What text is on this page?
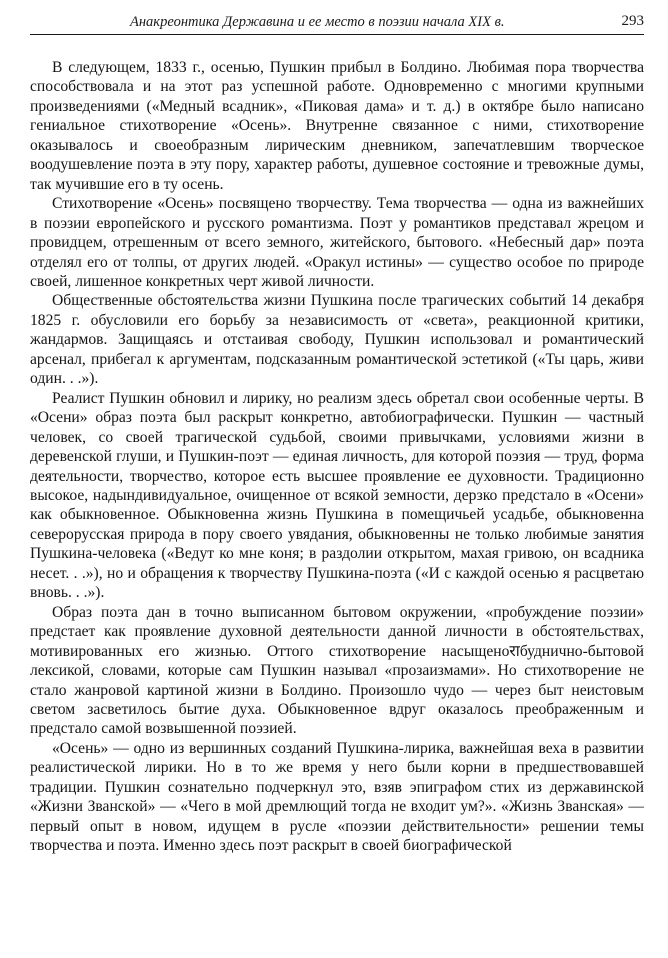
Анакреонтика Державина и ее место в поэзии начала XIX в.	293

В следующем, 1833 г., осенью, Пушкин прибыл в Болдино. Любимая пора творчества способствовала и на этот раз успешной работе. Одновременно с многими крупными произведениями («Медный всадник», «Пиковая дама» и т. д.) в октябре было написано гениальное стихотворение «Осень». Внутренне связанное с ними, стихотворение оказывалось и своеобразным лирическим дневником, запечатлевшим творческое воодушевление поэта в эту пору, характер работы, душевное состояние и тревожные думы, так мучившие его в ту осень.

Стихотворение «Осень» посвящено творчеству. Тема творчества — одна из важнейших в поэзии европейского и русского романтизма. Поэт у романтиков представал жрецом и провидцем, отрешенным от всего земного, житейского, бытового. «Небесный дар» поэта отделял его от толпы, от других людей. «Оракул истины» — существо особое по природе своей, лишенное конкретных черт живой личности.

Общественные обстоятельства жизни Пушкина после трагических событий 14 декабря 1825 г. обусловили его борьбу за независимость от «света», реакционной критики, жандармов. Защищаясь и отстаивая свободу, Пушкин использовал и романтический арсенал, прибегал к аргументам, подсказанным романтической эстетикой («Ты царь, живи один. . .»).

Реалист Пушкин обновил и лирику, но реализм здесь обретал свои особенные черты. В «Осени» образ поэта был раскрыт конкретно, автобиографически. Пушкин — частный человек, со своей трагической судьбой, своими привычками, условиями жизни в деревенской глуши, и Пушкин-поэт — единая личность, для которой поэзия — труд, форма деятельности, творчество, которое есть высшее проявление ее духовности. Традиционно высокое, надындивидуальное, очищенное от всякой земности, дерзко предстало в «Осени» как обыкновенное. Обыкновенна жизнь Пушкина в помещичьей усадьбе, обыкновенна северорусская природа в пору своего увядания, обыкновенны не только любимые занятия Пушкина-человека («Ведут ко мне коня; в раздолии открытом, махая гривою, он всадника несет. . .»), но и обращения к творчеству Пушкина-поэта («И с каждой осенью я расцветаю вновь. . .»).

Образ поэта дан в точно выписанном бытовом окружении, «пробуждение поэзии» предстает как проявление духовной деятельности данной личности в обстоятельствах, мотивированных его жизнью. Оттого стихотворение насыщеноराбуднично-бытовой лексикой, словами, которые сам Пушкин называл «прозаизмами». Но стихотворение не стало жанровой картиной жизни в Болдино. Произошло чудо — через быт неистовым светом засветилось бытие духа. Обыкновенное вдруг оказалось преображенным и предстало самой возвышенной поэзией.

«Осень» — одно из вершинных созданий Пушкина-лирика, важнейшая веха в развитии реалистической лирики. Но в то же время у него были корни в предшествовавшей традиции. Пушкин сознательно подчеркнул это, взяв эпиграфом стих из державинской «Жизни Званской» — «Чего в мой дремлющий тогда не входит ум?». «Жизнь Званская» — первый опыт в новом, идущем в русле «поэзии действительности» решении темы творчества и поэта. Именно здесь поэт раскрыт в своей биографической
